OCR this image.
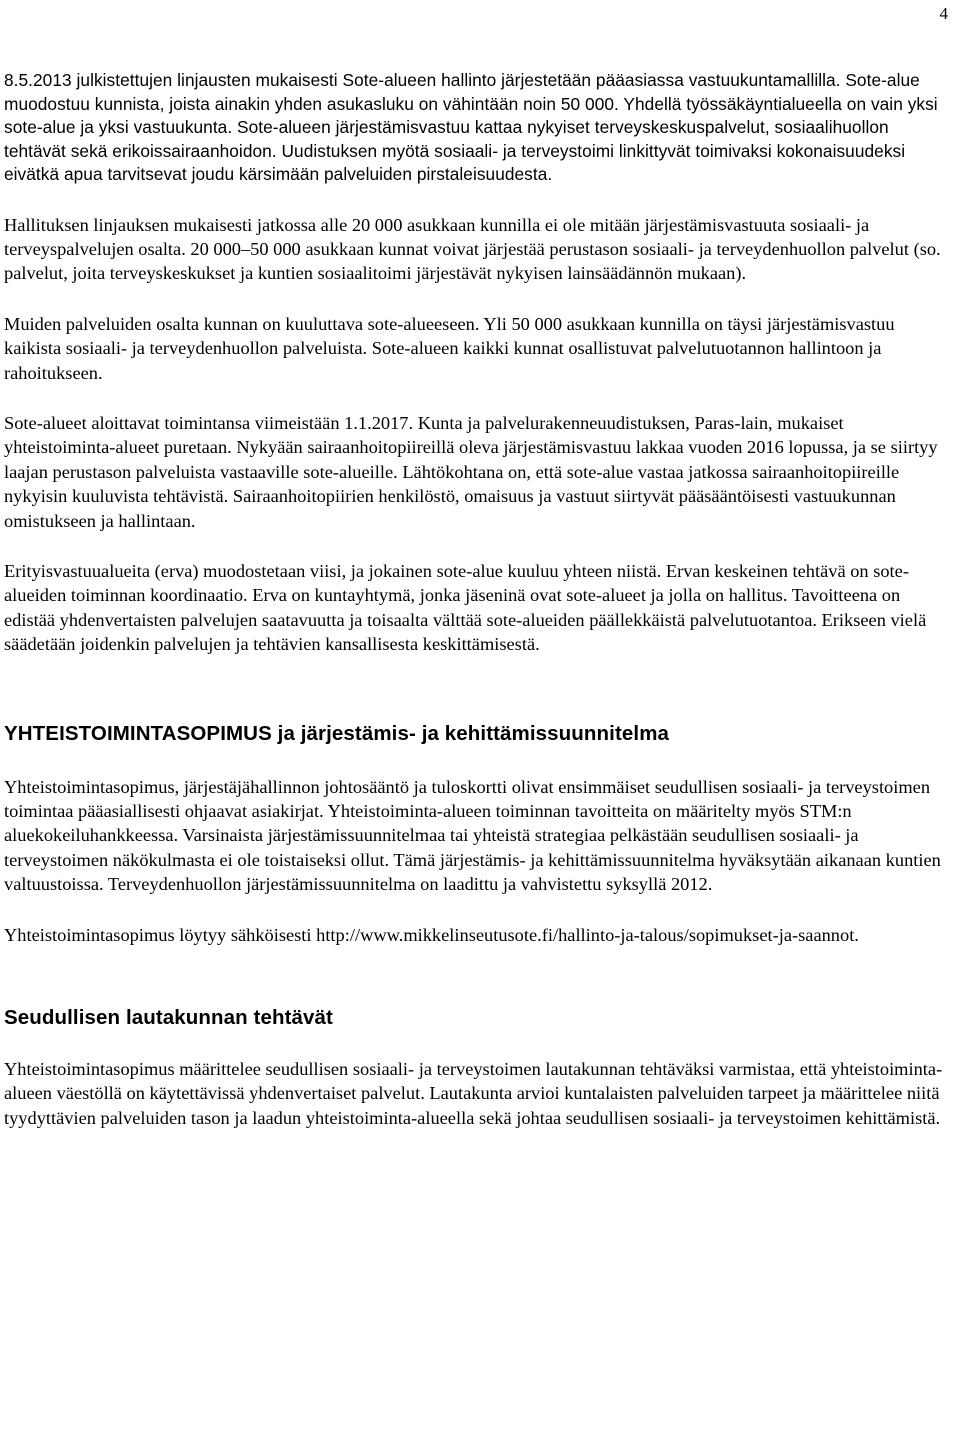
4

8.5.2013 julkistettujen linjausten mukaisesti Sote-alueen hallinto järjestetään pääasiassa vastuukuntamallilla. Sote-alue muodostuu kunnista, joista ainakin yhden asukasluku on vähintään noin 50 000. Yhdellä työssäkäyntialueella on vain yksi sote-alue ja yksi vastuukunta. Sote-alueen järjestämisvastuu kattaa nykyiset terveyskeskuspalvelut, sosiaalihuollon tehtävät sekä erikoissairaanhoidon. Uudistuksen myötä sosiaali- ja terveystoimi linkittyvät toimivaksi kokonaisuudeksi eivätkä apua tarvitsevat joudu kärsimään palveluiden pirstaleisuudesta.

Hallituksen linjauksen mukaisesti jatkossa alle 20 000 asukkaan kunnilla ei ole mitään järjestämisvastuuta sosiaali- ja terveyspalvelujen osalta. 20 000–50 000 asukkaan kunnat voivat järjestää perustason sosiaali- ja terveydenhuollon palvelut (so. palvelut, joita terveyskeskukset ja kuntien sosiaalitoimi järjestävät nykyisen lainsäädännön mukaan).

Muiden palveluiden osalta kunnan on kuuluttava sote-alueeseen. Yli 50 000 asukkaan kunnilla on täysi järjestämisvastuu kaikista sosiaali- ja terveydenhuollon palveluista. Sote-alueen kaikki kunnat osallistuvat palvelutuotannon hallintoon ja rahoitukseen.

Sote-alueet aloittavat toimintansa viimeistään 1.1.2017. Kunta ja palvelurakenneuudistuksen, Paras-lain, mukaiset yhteistoiminta-alueet puretaan. Nykyään sairaanhoitopiireillä oleva järjestämisvastuu lakkaa vuoden 2016 lopussa, ja se siirtyy laajan perustason palveluista vastaaville sote-alueille. Lähtökohtana on, että sote-alue vastaa jatkossa sairaanhoitopiireille nykyisin kuuluvista tehtävistä. Sairaanhoitopiirien henkilöstö, omaisuus ja vastuut siirtyvät pääsääntöisesti vastuukunnan omistukseen ja hallintaan.

Erityisvastuualueita (erva) muodostetaan viisi, ja jokainen sote-alue kuuluu yhteen niistä. Ervan keskeinen tehtävä on sote-alueiden toiminnan koordinaatio. Erva on kuntayhtymä, jonka jäseninä ovat sote-alueet ja jolla on hallitus. Tavoitteena on edistää yhdenvertaisten palvelujen saatavuutta ja toisaalta välttää sote-alueiden päällekkäistä palvelutuotantoa. Erikseen vielä säädetään joidenkin palvelujen ja tehtävien kansallisesta keskittämisestä.

YHTEISTOIMINTASOPIMUS ja järjestämis- ja kehittämissuunnitelma

Yhteistoimintasopimus, järjestäjähallinnon johtosääntö ja tuloskortti olivat ensimmäiset seudullisen sosiaali- ja terveystoimen toimintaa pääasiallisesti ohjaavat asiakirjat. Yhteistoiminta-alueen toiminnan tavoitteita on määritelty myös STM:n aluekokeiluhankkeessa. Varsinaista järjestämissuunnitelmaa tai yhteistä strategiaa pelkästään seudullisen sosiaali- ja terveystoimen näkökulmasta ei ole toistaiseksi ollut. Tämä järjestämis- ja kehittämissuunnitelma hyväksytään aikanaan kuntien valtuustoissa. Terveydenhuollon järjestämissuunnitelma on laadittu ja vahvistettu syksyllä 2012.

Yhteistoimintasopimus löytyy sähköisesti http://www.mikkelinseutusote.fi/hallinto-ja-talous/sopimukset-ja-saannot.

Seudullisen lautakunnan tehtävät

Yhteistoimintasopimus määrittelee seudullisen sosiaali- ja terveystoimen lautakunnan tehtäväksi varmistaa, että yhteistoiminta-alueen väestöllä on käytettävissä yhdenvertaiset palvelut. Lautakunta arvioi kuntalaisten palveluiden tarpeet ja määrittelee niitä tyydyttävien palveluiden tason ja laadun yhteistoiminta-alueella sekä johtaa seudullisen sosiaali- ja terveystoimen kehittämistä.
